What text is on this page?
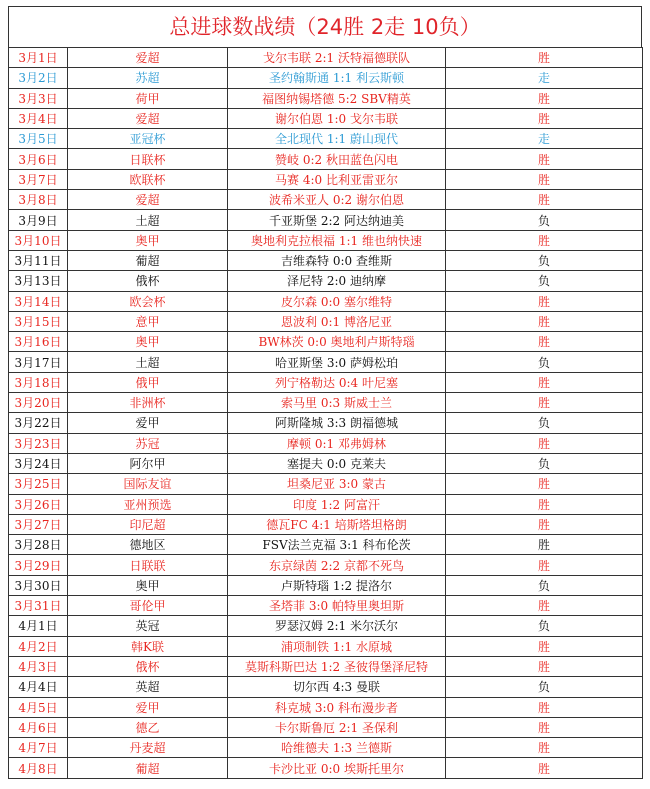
总进球数战绩（24胜 2走 10负）
3月1日	爱超	戈尔韦联 2:1 沃特福德联队	胜
3月2日	苏超	圣约翰斯通 1:1 利云斯顿	走
3月3日	荷甲	福图纳锡塔德 5:2 SBV精英	胜
3月4日	爱超	谢尔伯恩 1:0 戈尔韦联	胜
3月5日	亚冠杯	全北现代 1:1 蔚山现代	走
3月6日	日联杯	赞岐 0:2 秋田蓝色闪电	胜
3月7日	欧联杯	马赛 4:0 比利亚雷亚尔	胜
3月8日	爱超	波希米亚人 0:2 谢尔伯恩	胜
3月9日	土超	千亚斯堡 2:2 阿达纳迪美	负
3月10日	奥甲	奥地利克拉根福 1:1 维也纳快速	胜
3月11日	葡超	吉维森特 0:0 查维斯	负
3月13日	俄杯	泽尼特 2:0 迪纳摩	负
3月14日	欧会杯	皮尔森 0:0 塞尔维特	胜
3月15日	意甲	恩波利 0:1 博洛尼亚	胜
3月16日	奥甲	BW林茨 0:0 奥地利卢斯特瑙	胜
3月17日	土超	哈亚斯堡 3:0 萨姆松珀	负
3月18日	俄甲	列宁格勒达 0:4 叶尼塞	胜
3月20日	非洲杯	索马里 0:3 斯威士兰	胜
3月22日	爱甲	阿斯隆城 3:3 朗福德城	负
3月23日	苏冠	摩顿 0:1 邓弗姆林	胜
3月24日	阿尔甲	塞提夫 0:0 克莱夫	负
3月25日	国际友谊	坦桑尼亚 3:0 蒙古	胜
3月26日	亚州预选	印度 1:2 阿富汗	胜
3月27日	印尼超	德瓦FC 4:1 培斯塔坦格朗	胜
3月28日	德地区	FSV法兰克福 3:1 科布伦茨	胜
3月29日	日联联	东京绿茵 2:2 京都不死鸟	胜
3月30日	奥甲	卢斯特瑙 1:2 提洛尔	负
3月31日	哥伦甲	圣塔菲 3:0 帕特里奥坦斯	胜
4月1日	英冠	罗瑟汉姆 2:1 米尔沃尔	负
4月2日	韩K联	浦项制铁 1:1 水原城	胜
4月3日	俄杯	莫斯科斯巴达 1:2 圣彼得堡泽尼特	胜
4月4日	英超	切尔西 4:3 曼联	负
4月5日	爱甲	科克城 3:0 科布漫步者	胜
4月6日	德乙	卡尔斯鲁厄 2:1 圣保利	胜
4月7日	丹麦超	哈维德夫 1:3 兰德斯	胜
4月8日	葡超	卡沙比亚 0:0 埃斯托里尔	胜
